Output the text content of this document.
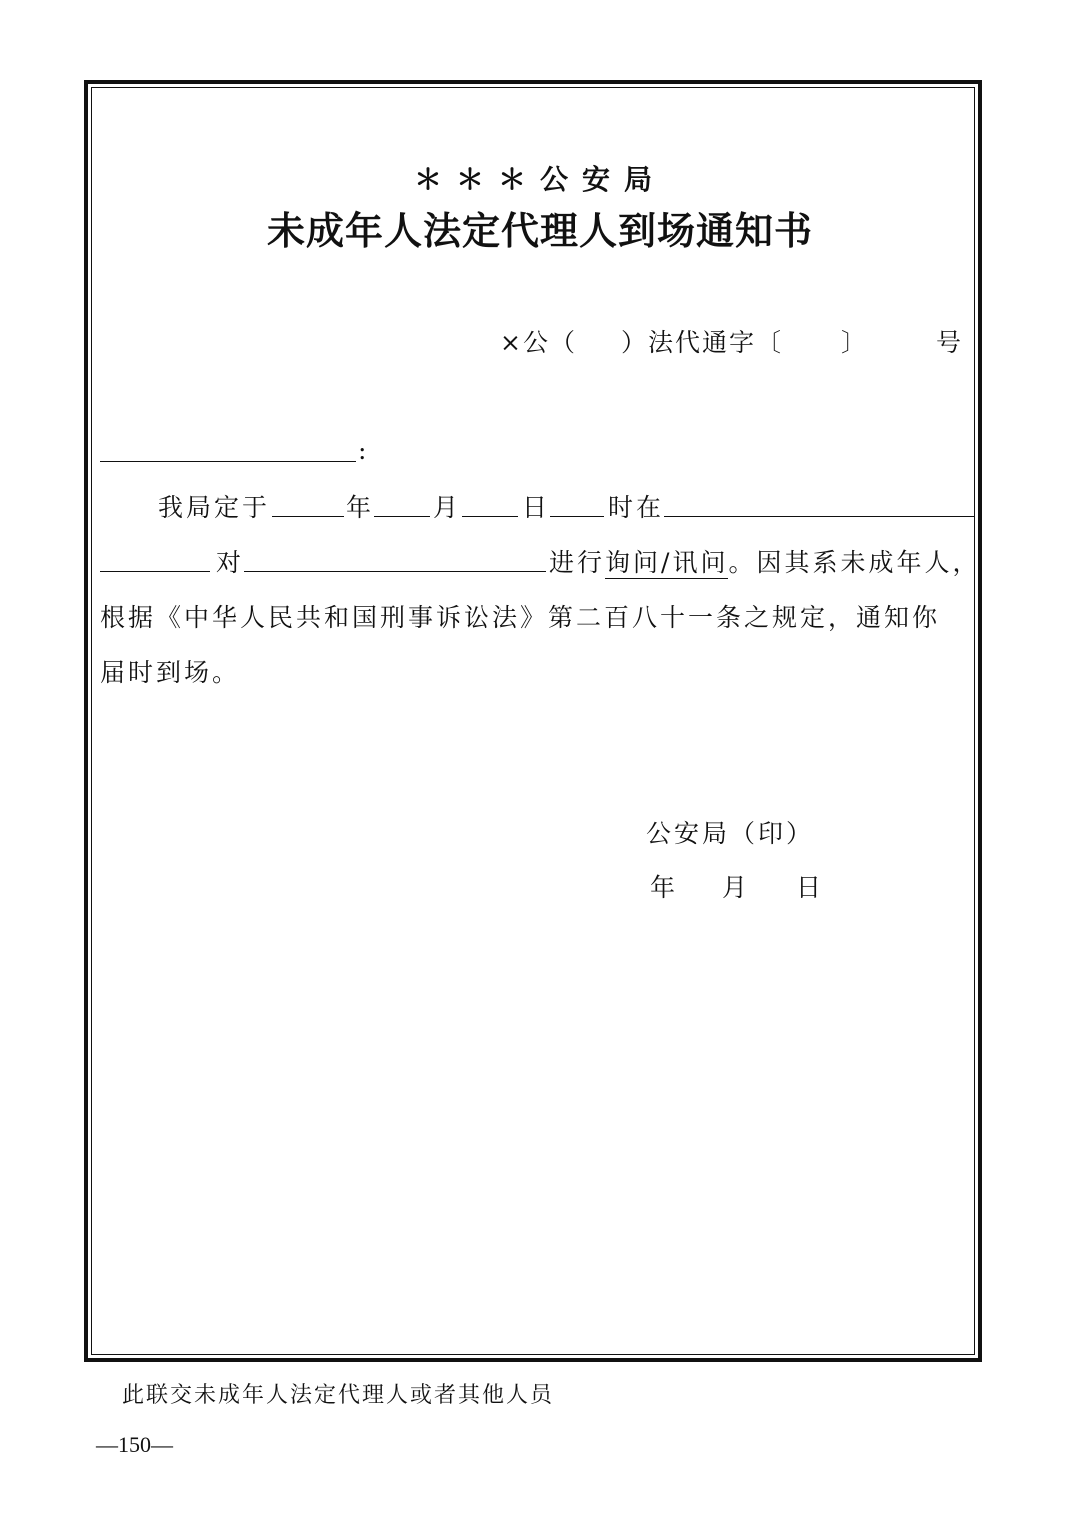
＊＊＊公安局
未成年人法定代理人到场通知书
×公（ ）法代通字〔 〕	号
:
我局定于	年 月 日 时在
对	进行询问/讯问。因其系未成年人，
根据《中华人民共和国刑事诉讼法》第二百八十一条之规定，通知你
届时到场。
公安局（印）
年 月 日
此联交未成年人法定代理人或者其他人员
—150—
